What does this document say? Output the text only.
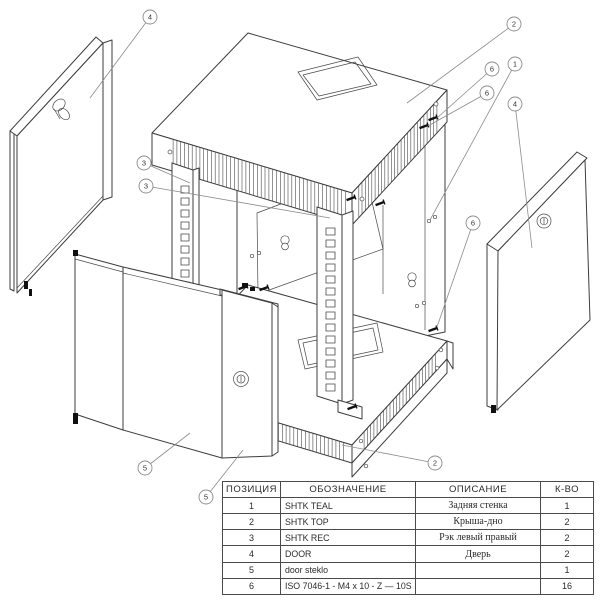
4
2
6
1
6
4
3
3
6
5
5
2
ПОЗИЦИЯ	ОБОЗНАЧЕНИЕ	ОПИСАНИЕ	К-ВО
1	SHTK TEAL	Задняя стенка	1
2	SHTK TOP	Крыша-дно	2
3	SHTK REC	Рэк левый правый	2
4	DOOR	Дверь	2
5	door steklo		1
6	ISO 7046-1 - M4 x 10 - Z — 10S		16
